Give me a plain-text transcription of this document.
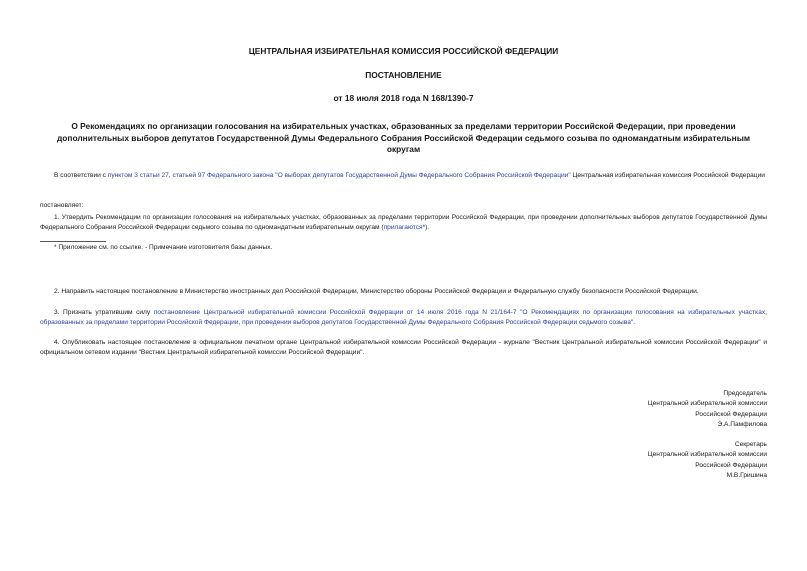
ЦЕНТРАЛЬНАЯ ИЗБИРАТЕЛЬНАЯ КОМИССИЯ РОССИЙСКОЙ ФЕДЕРАЦИИ
ПОСТАНОВЛЕНИЕ
от 18 июля 2018 года N 168/1390-7
О Рекомендациях по организации голосования на избирательных участках, образованных за пределами территории Российской Федерации, при проведении дополнительных выборов депутатов Государственной Думы Федерального Собрания Российской Федерации седьмого созыва по одномандатным избирательным округам
В соответствии с пунктом 3 статьи 27, статьей 97 Федерального закона "О выборах депутатов Государственной Думы Федерального Собрания Российской Федерации" Центральная избирательная комиссия Российской Федерации
постановляет:
1. Утвердить Рекомендации по организации голосования на избирательных участках, образованных за пределами территории Российской Федерации, при проведении дополнительных выборов депутатов Государственной Думы Федерального Собрания Российской Федерации седьмого созыва по одномандатным избирательным округам (прилагаются*).
* Приложение см. по ссылке. - Примечание изготовителя базы данных.
2. Направить настоящее постановление в Министерство иностранных дел Российской Федерации, Министерство обороны Российской Федерации и Федеральную службу безопасности Российской Федерации.
3. Признать утратившим силу постановление Центральной избирательной комиссии Российской Федерации от 14 июля 2016 года N 21/164-7 "О Рекомендациях по организации голосования на избирательных участках, образованных за пределами территории Российской Федерации, при проведении выборов депутатов Государственной Думы Федерального Собрания Российской Федерации седьмого созыва".
4. Опубликовать настоящее постановление в официальном печатном органе Центральной избирательной комиссии Российской Федерации - журнале "Вестник Центральной избирательной комиссии Российской Федерации" и официальном сетевом издании "Вестник Центральной избирательной комиссии Российской Федерации".
Председатель
Центральной избирательной комиссии
Российской Федерации
Э.А.Памфилова
Секретарь
Центральной избирательной комиссии
Российской Федерации
М.В.Гришина
